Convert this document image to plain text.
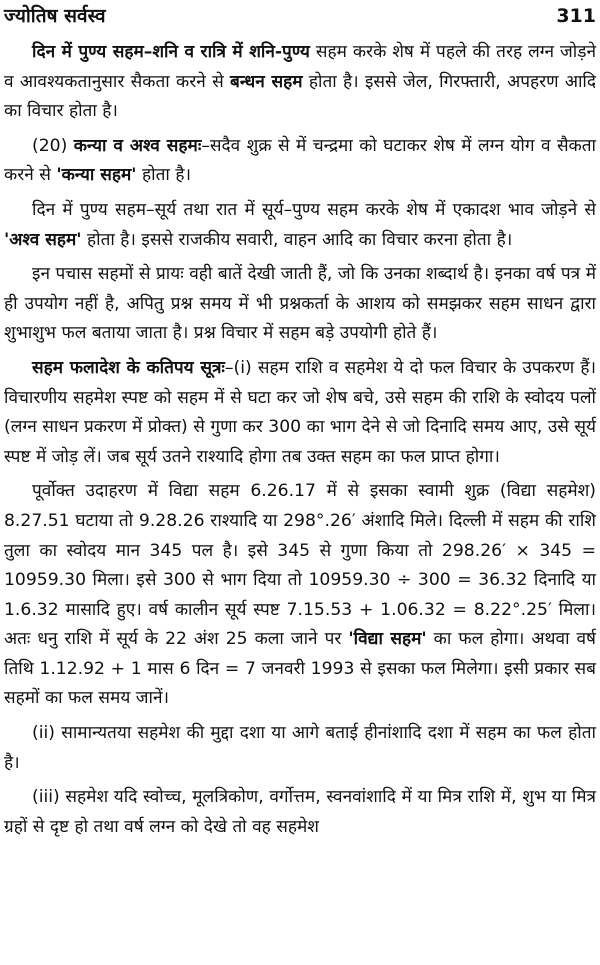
ज्योतिष सर्वस्व	311

दिन में पुण्य सहम–शनि व रात्रि में शनि-पुण्य सहम करके शेष में पहले की तरह लग्न जोड़ने व आवश्यकतानुसार सैकता करने से बन्धन सहम होता है। इससे जेल, गिरफ्तारी, अपहरण आदि का विचार होता है।

(20) कन्या व अश्व सहमः–सदैव शुक्र से में चन्द्रमा को घटाकर शेष में लग्न योग व सैकता करने से 'कन्या सहम' होता है।

दिन में पुण्य सहम–सूर्य तथा रात में सूर्य–पुण्य सहम करके शेष में एकादश भाव जोड़ने से 'अश्व सहम' होता है। इससे राजकीय सवारी, वाहन आदि का विचार करना होता है।

इन पचास सहमों से प्रायः वही बातें देखी जाती हैं, जो कि उनका शब्दार्थ है। इनका वर्ष पत्र में ही उपयोग नहीं है, अपितु प्रश्न समय में भी प्रश्नकर्ता के आशय को समझकर सहम साधन द्वारा शुभाशुभ फल बताया जाता है। प्रश्न विचार में सहम बड़े उपयोगी होते हैं।

सहम फलादेश के कतिपय सूत्रः–(i) सहम राशि व सहमेश ये दो फल विचार के उपकरण हैं। विचारणीय सहमेश स्पष्ट को सहम में से घटा कर जो शेष बचे, उसे सहम की राशि के स्वोदय पलों (लग्न साधन प्रकरण में प्रोक्त) से गुणा कर 300 का भाग देने से जो दिनादि समय आए, उसे सूर्य स्पष्ट में जोड़ लें। जब सूर्य उतने राश्यादि होगा तब उक्त सहम का फल प्राप्त होगा।

पूर्वोक्त उदाहरण में विद्या सहम 6.26.17 में से इसका स्वामी शुक्र (विद्या सहमेश) 8.27.51 घटाया तो 9.28.26 राश्यादि या 298°.26′ अंशादि मिले। दिल्ली में सहम की राशि तुला का स्वोदय मान 345 पल है। इसे 345 से गुणा किया तो 298.26′ × 345 = 10959.30 मिला। इसे 300 से भाग दिया तो 10959.30 ÷ 300 = 36.32 दिनादि या 1.6.32 मासादि हुए। वर्ष कालीन सूर्य स्पष्ट 7.15.53 + 1.06.32 = 8.22°.25′ मिला। अतः धनु राशि में सूर्य के 22 अंश 25 कला जाने पर 'विद्या सहम' का फल होगा। अथवा वर्ष तिथि 1.12.92 + 1 मास 6 दिन = 7 जनवरी 1993 से इसका फल मिलेगा। इसी प्रकार सब सहमों का फल समय जानें।

(ii) सामान्यतया सहमेश की मुद्दा दशा या आगे बताई हीनांशादि दशा में सहम का फल होता है।

(iii) सहमेश यदि स्वोच्च, मूलत्रिकोण, वर्गोत्तम, स्वनवांशादि में या मित्र राशि में, शुभ या मित्र ग्रहों से दृष्ट हो तथा वर्ष लग्न को देखे तो वह सहमेश
